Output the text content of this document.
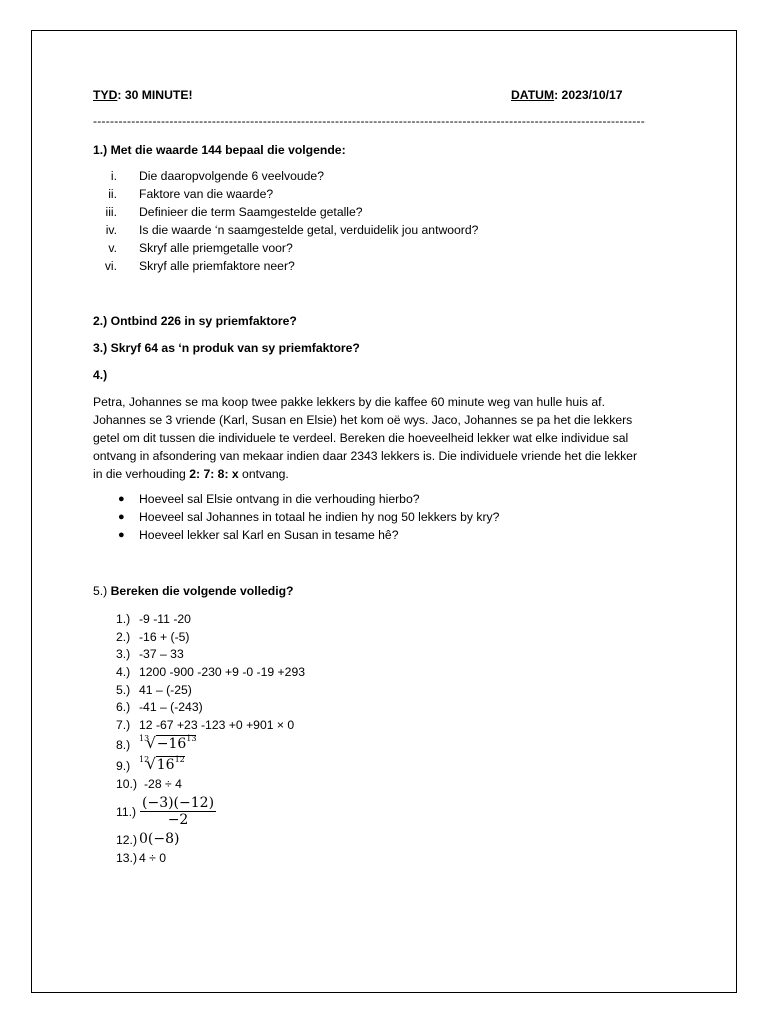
TYD: 30 MINUTE!	DATUM: 2023/10/17
----------------------------------------------------------------------------------------------------------------------------------
1.) Met die waarde 144 bepaal die volgende:
i. Die daaropvolgende 6 veelvoude?
ii. Faktore van die waarde?
iii. Definieer die term Saamgestelde getalle?
iv. Is die waarde ‘n saamgestelde getal, verduidelik jou antwoord?
v. Skryf alle priemgetalle voor?
vi. Skryf alle priemfaktore neer?
2.) Ontbind 226 in sy priemfaktore?
3.) Skryf 64 as ‘n produk van sy priemfaktore?
4.)
Petra, Johannes se ma koop twee pakke lekkers by die kaffee 60 minute weg van hulle huis af.
Johannes se 3 vriende (Karl, Susan en Elsie) het kom oë wys. Jaco, Johannes se pa het die lekkers
getel om dit tussen die individuele te verdeel. Bereken die hoeveelheid lekker wat elke individue sal
ontvang in afsondering van mekaar indien daar 2343 lekkers is. Die individuele vriende het die lekker
in die verhouding 2: 7: 8: x ontvang.
● Hoeveel sal Elsie ontvang in die verhouding hierbo?
● Hoeveel sal Johannes in totaal he indien hy nog 50 lekkers by kry?
● Hoeveel lekker sal Karl en Susan in tesame hê?
5.) Bereken die volgende volledig?
1.) -9 -11 -20
2.) -16 + (-5)
3.) -37 – 33
4.) 1200 -900 -230 +9 -0 -19 +293
5.) 41 – (-25)
6.) -41 – (-243)
7.) 12 -67 +23 -123 +0 +901 × 0
8.) $^{13}√-16^{13}$
9.) $^{12}√16^{12}$
10.) -28 ÷ 4
$11.) \frac{(-3)(-12)}{-2}$
12.) 0(−8)
13.) 4 ÷ 0
